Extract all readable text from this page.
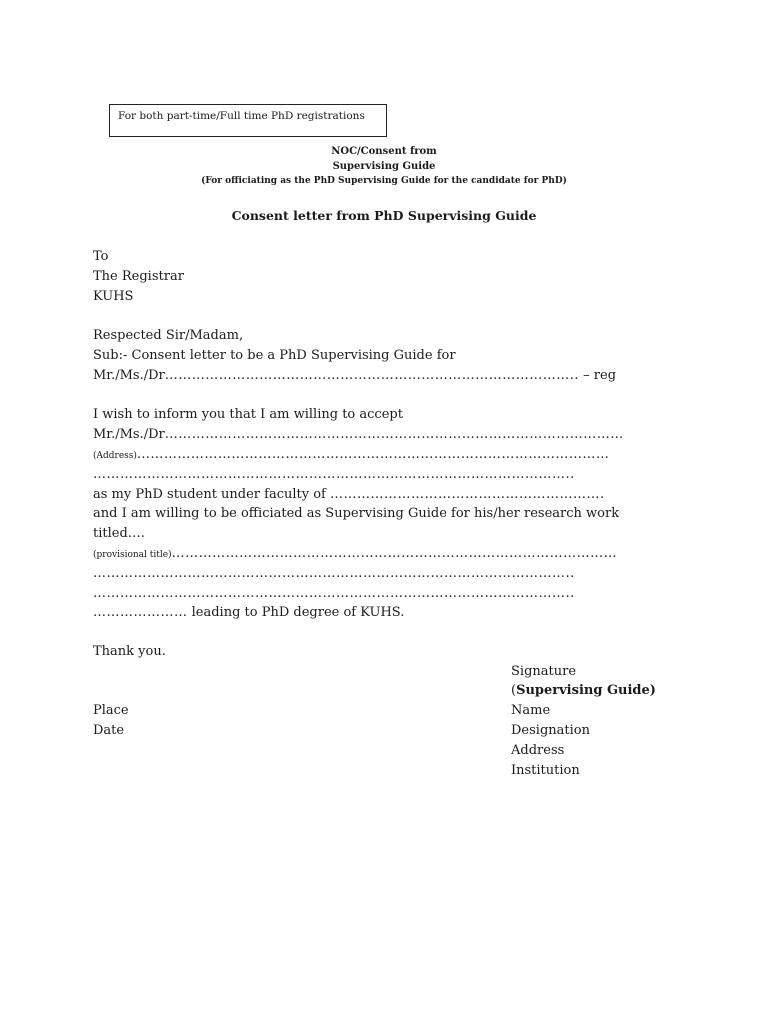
For both part-time/Full time PhD registrations
NOC/Consent from
Supervising Guide
(For officiating as the PhD Supervising Guide for the candidate for PhD)
Consent letter from PhD Supervising Guide
To
The Registrar
KUHS
Respected Sir/Madam,
Sub:- Consent letter to be a PhD Supervising Guide for
Mr./Ms./Dr……………………………………………………………………………….. – reg
I wish to inform you that I am willing to accept
Mr./Ms./Dr…………………………………………………………………………………………
(Address)……………………………………………………………………………………………
……………………………………………………………………………………………..
as my PhD student under faculty of …………………………………………………….
and I am willing to be officiated as Supervising Guide for his/her research work
titled….
(provisional title)………………………………………………………………………………………
……………………………………………………………………………………………..
……………………………………………………………………………………………..
………………… leading to PhD degree of KUHS.
Thank you.
Signature
(Supervising Guide)
Place	Name
Date	Designation
Address
Institution
